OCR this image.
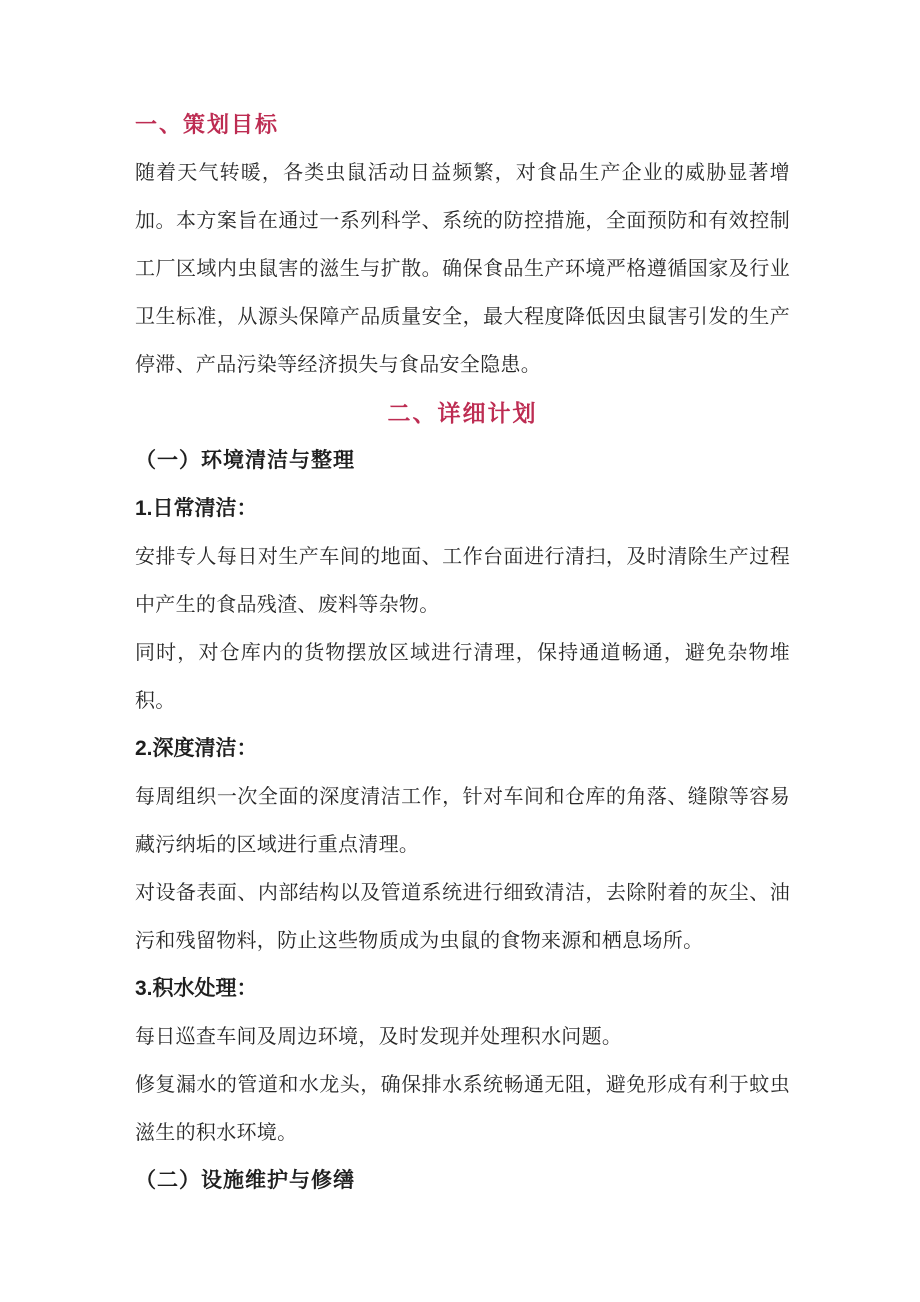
一、策划目标

随着天气转暖，各类虫鼠活动日益频繁，对食品生产企业的威胁显著增加。本方案旨在通过一系列科学、系统的防控措施，全面预防和有效控制工厂区域内虫鼠害的滋生与扩散。确保食品生产环境严格遵循国家及行业卫生标准，从源头保障产品质量安全，最大程度降低因虫鼠害引发的生产停滞、产品污染等经济损失与食品安全隐患。

二、详细计划
（一）环境清洁与整理
1.日常清洁：

安排专人每日对生产车间的地面、工作台面进行清扫，及时清除生产过程中产生的食品残渣、废料等杂物。

同时，对仓库内的货物摆放区域进行清理，保持通道畅通，避免杂物堆积。

2.深度清洁：

每周组织一次全面的深度清洁工作，针对车间和仓库的角落、缝隙等容易藏污纳垢的区域进行重点清理。

对设备表面、内部结构以及管道系统进行细致清洁，去除附着的灰尘、油污和残留物料，防止这些物质成为虫鼠的食物来源和栖息场所。

3.积水处理：

每日巡查车间及周边环境，及时发现并处理积水问题。

修复漏水的管道和水龙头，确保排水系统畅通无阻，避免形成有利于蚊虫滋生的积水环境。

（二）设施维护与修缮
